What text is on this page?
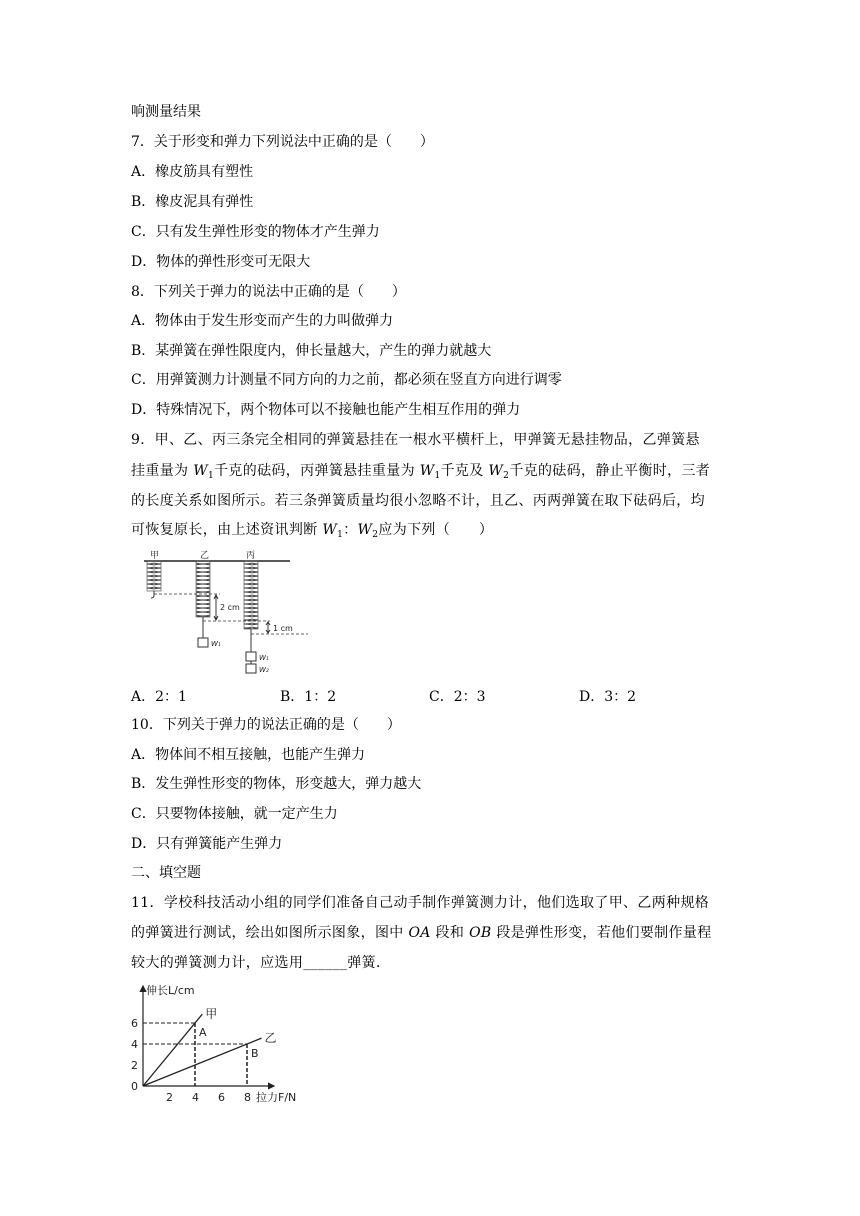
响测量结果
7．关于形变和弹力下列说法中正确的是（　　）
A．橡皮筋具有塑性
B．橡皮泥具有弹性
C．只有发生弹性形变的物体才产生弹力
D．物体的弹性形变可无限大
8．下列关于弹力的说法中正确的是（　　）
A．物体由于发生形变而产生的力叫做弹力
B．某弹簧在弹性限度内，伸长量越大，产生的弹力就越大
C．用弹簧测力计测量不同方向的力之前，都必须在竖直方向进行调零
D．特殊情况下，两个物体可以不接触也能产生相互作用的弹力
9．甲、乙、丙三条完全相同的弹簧悬挂在一根水平横杆上，甲弹簧无悬挂物品，乙弹簧悬
挂重量为 $W_1$千克的砝码，丙弹簧悬挂重量为 $W_1$千克及 $W_2$千克的砝码，静止平衡时，三者
的长度关系如图所示。若三条弹簧质量均很小忽略不计，且乙、丙两弹簧在取下砝码后，均
可恢复原长，由上述资讯判断 $W_1$：$W_2$应为下列（　　）
甲	乙	丙
W₁
W₁
W₂
2 cm
1 cm
A．2：1	B．1：2	C．2：3	D．3：2
10．下列关于弹力的说法正确的是（　　）
A．物体间不相互接触，也能产生弹力
B．发生弹性形变的物体，形变越大，弹力越大
C．只要物体接触，就一定产生力
D．只有弹簧能产生弹力
二、填空题
11．学校科技活动小组的同学们准备自己动手制作弹簧测力计，他们选取了甲、乙两种规格
的弹簧进行测试，绘出如图所示图象，图中 OA 段和 OB 段是弹性形变，若他们要制作量程
较大的弹簧测力计，应选用______弹簧．
伸长L/cm
拉力F/N
2 4 6 8
6
4
2
0
A
甲
B
乙
